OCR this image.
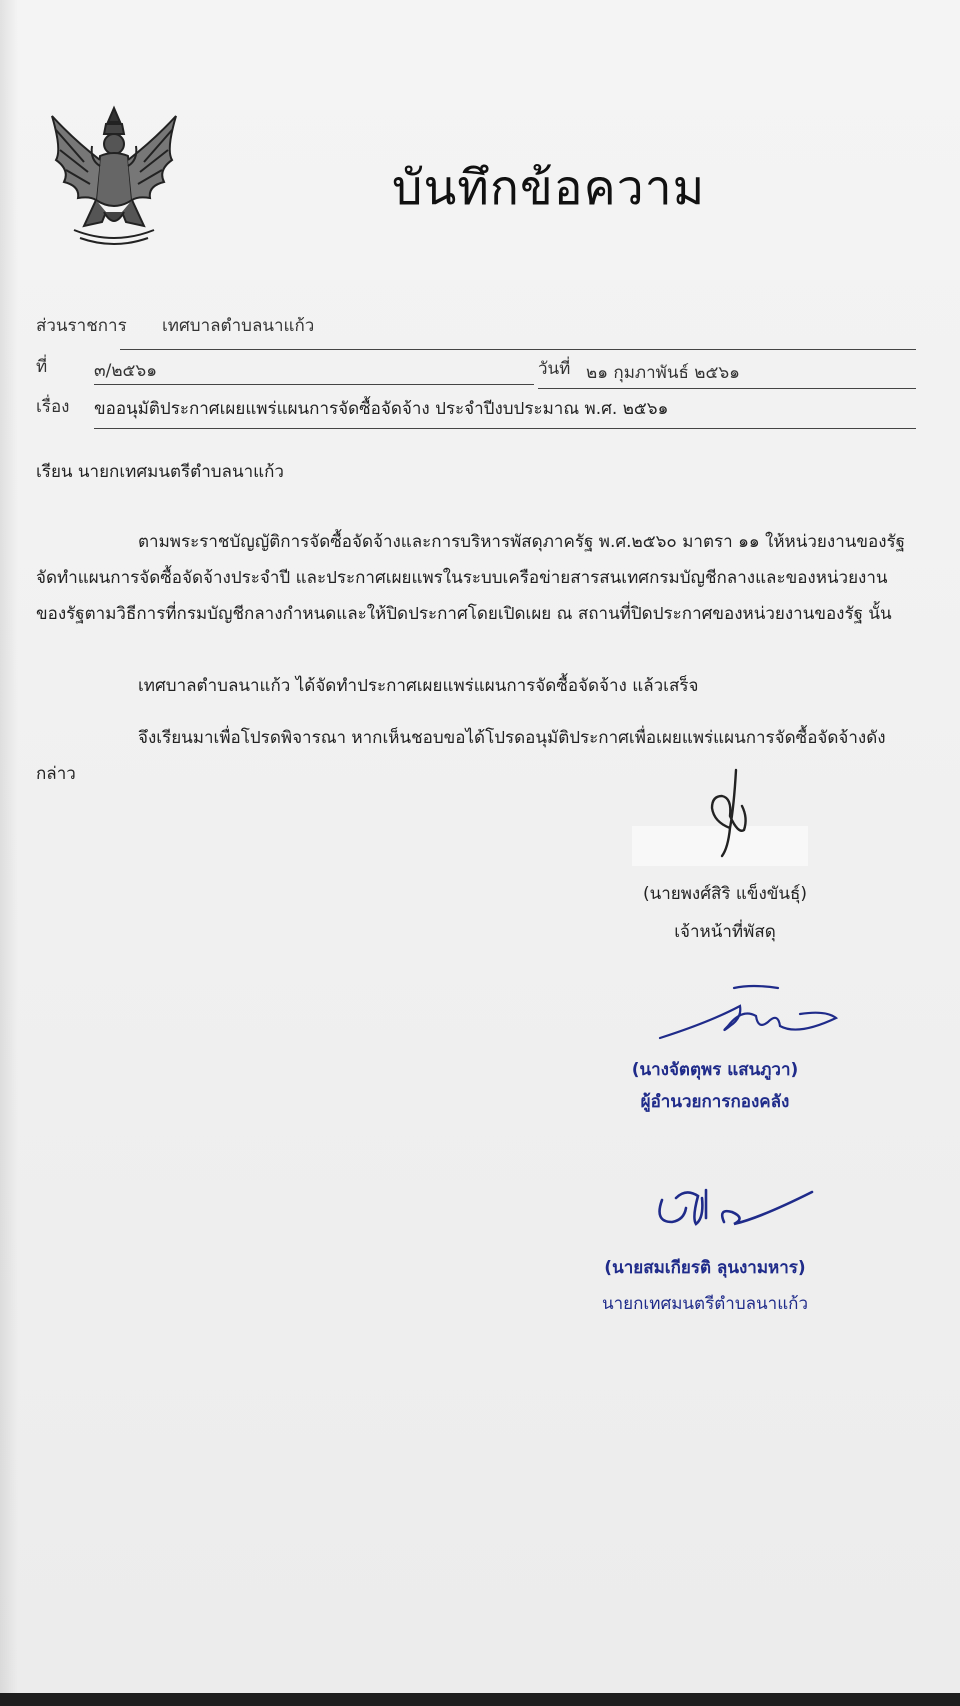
บันทึกข้อความ
ส่วนราชการ เทศบาลตำบลนาแก้ว
ที่	๓/๒๕๖๑	วันที่ ๒๑ กุมภาพันธ์ ๒๕๖๑
เรื่อง ขออนุมัติประกาศเผยแพร่แผนการจัดซื้อจัดจ้าง ประจำปีงบประมาณ พ.ศ. ๒๕๖๑
เรียน นายกเทศมนตรีตำบลนาแก้ว
ตามพระราชบัญญัติการจัดซื้อจัดจ้างและการบริหารพัสดุภาครัฐ พ.ศ.๒๕๖๐ มาตรา ๑๑ ให้หน่วยงานของรัฐจัดทำแผนการจัดซื้อจัดจ้างประจำปี และประกาศเผยแพรในระบบเครือข่ายสารสนเทศกรมบัญชีกลางและของหน่วยงานของรัฐตามวิธีการที่กรมบัญชีกลางกำหนดและให้ปิดประกาศโดยเปิดเผย ณ สถานที่ปิดประกาศของหน่วยงานของรัฐ นั้น
เทศบาลตำบลนาแก้ว ได้จัดทำประกาศเผยแพร่แผนการจัดซื้อจัดจ้าง แล้วเสร็จ
จึงเรียนมาเพื่อโปรดพิจารณา หากเห็นชอบขอได้โปรดอนุมัติประกาศเพื่อเผยแพร่แผนการจัดซื้อจัดจ้างดังกล่าว
(นายพงศ์สิริ แข็งขันธุ์)
เจ้าหน้าที่พัสดุ
(นางจัตตุพร แสนภูวา)
ผู้อำนวยการกองคลัง
(นายสมเกียรติ ลุนงามหาร)
นายกเทศมนตรีตำบลนาแก้ว
